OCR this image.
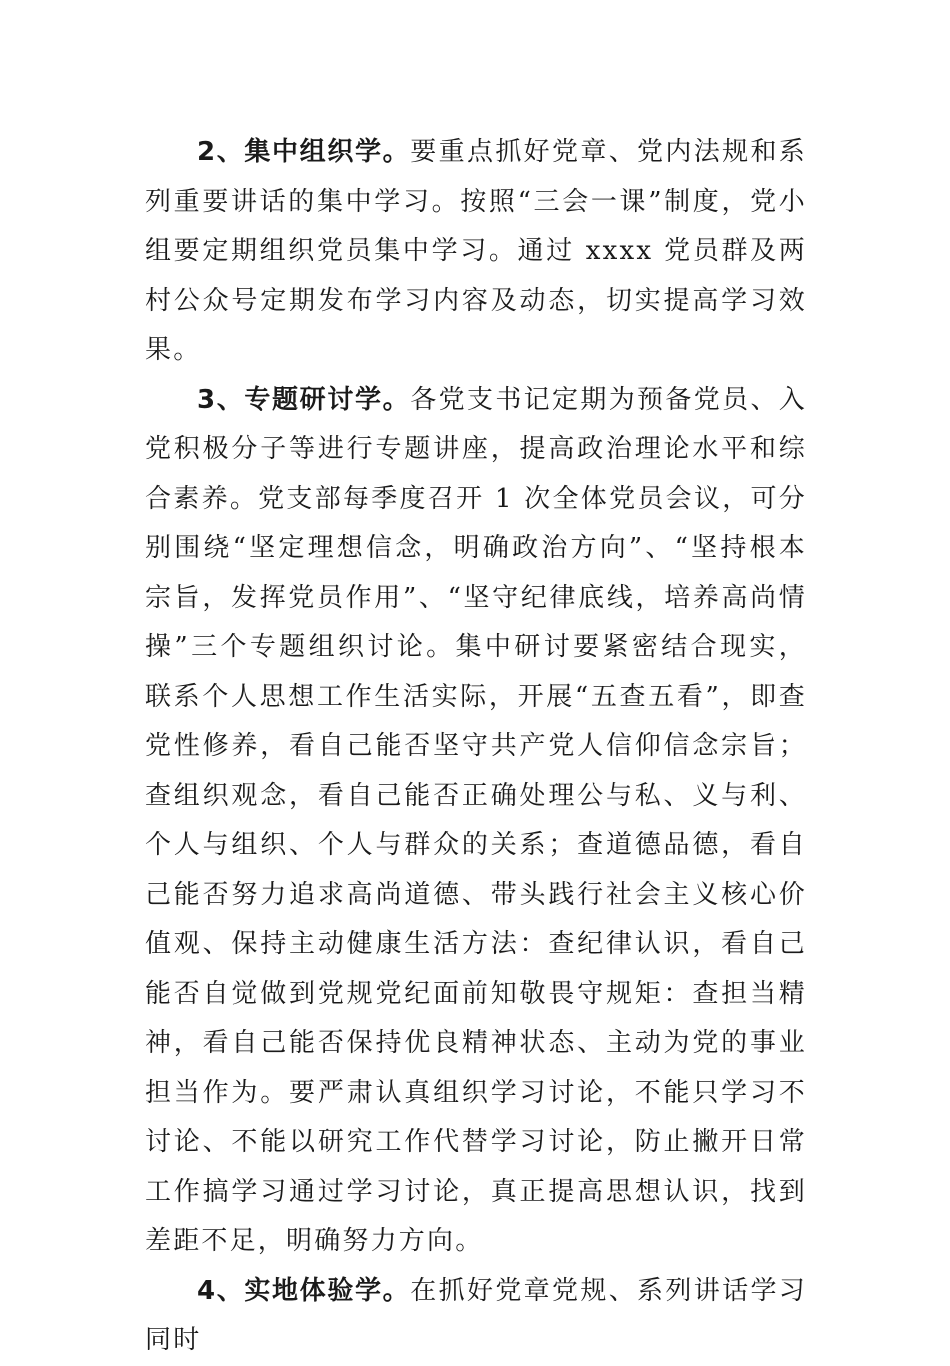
2、集中组织学。要重点抓好党章、党内法规和系列重要讲话的集中学习。按照“三会一课”制度，党小组要定期组织党员集中学习。通过 xxxx 党员群及两村公众号定期发布学习内容及动态，切实提高学习效果。

3、专题研讨学。各党支书记定期为预备党员、入党积极分子等进行专题讲座，提高政治理论水平和综合素养。党支部每季度召开 1 次全体党员会议，可分别围绕“坚定理想信念，明确政治方向”、“坚持根本宗旨，发挥党员作用”、“坚守纪律底线，培养高尚情操”三个专题组织讨论。集中研讨要紧密结合现实，联系个人思想工作生活实际，开展“五查五看”，即查党性修养，看自己能否坚守共产党人信仰信念宗旨；查组织观念，看自己能否正确处理公与私、义与利、个人与组织、个人与群众的关系；查道德品德，看自己能否努力追求高尚道德、带头践行社会主义核心价值观、保持主动健康生活方法：查纪律认识，看自己能否自觉做到党规党纪面前知敬畏守规矩：查担当精神，看自己能否保持优良精神状态、主动为党的事业担当作为。要严肃认真组织学习讨论，不能只学习不讨论、不能以研究工作代替学习讨论，防止撇开日常工作搞学习通过学习讨论，真正提高思想认识，找到差距不足，明确努力方向。

4、实地体验学。在抓好党章党规、系列讲话学习同时
